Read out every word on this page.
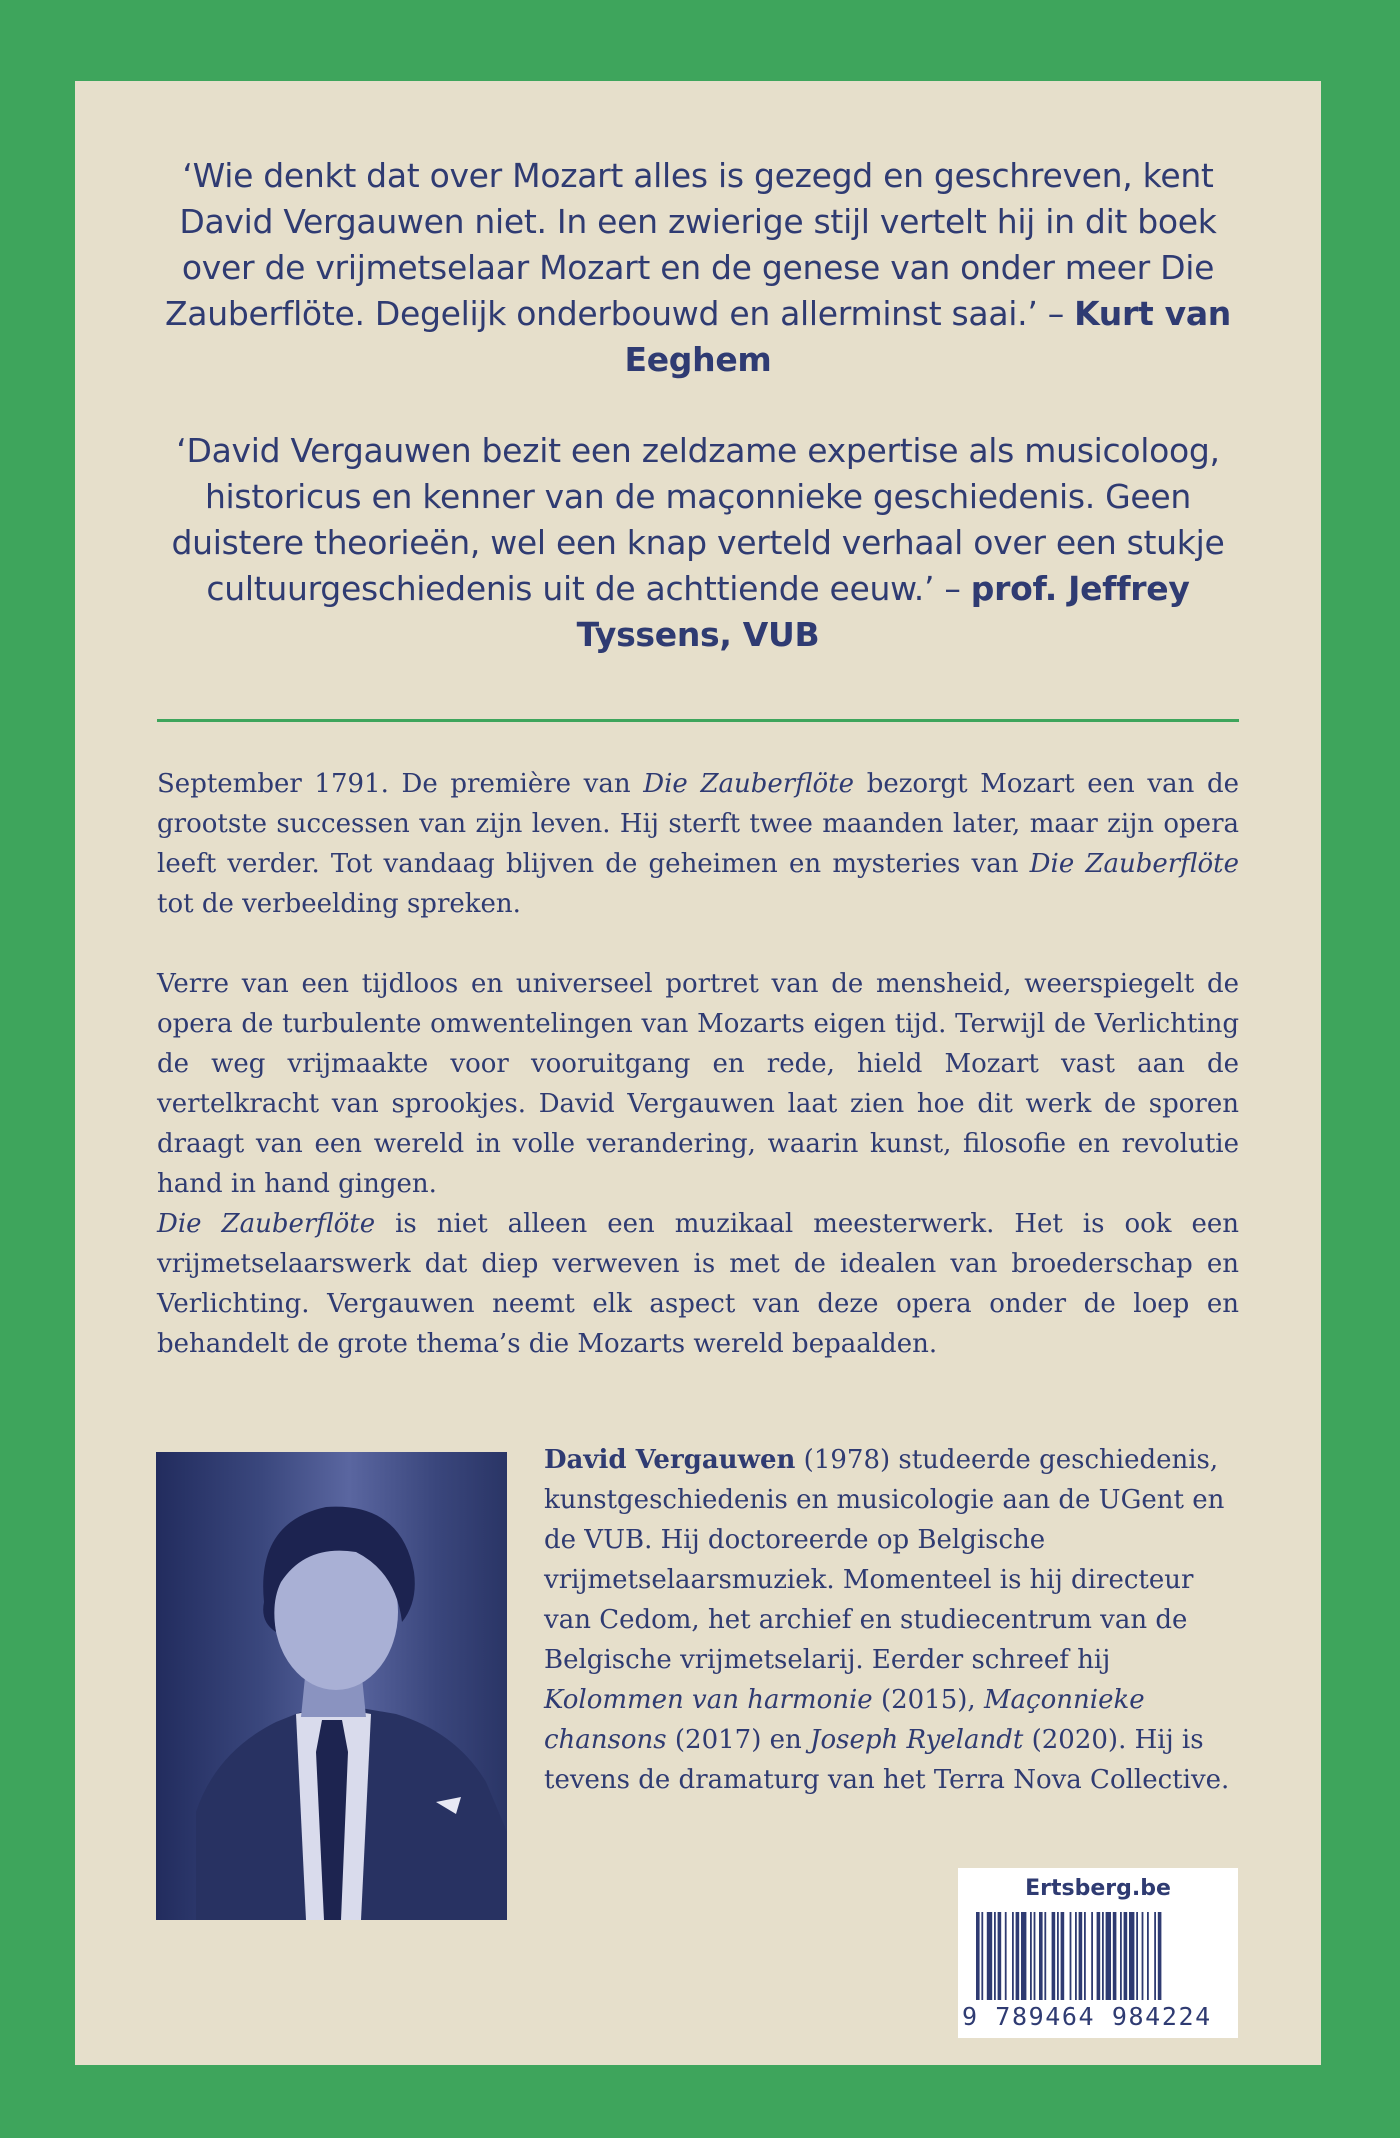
‘Wie denkt dat over Mozart alles is gezegd en geschreven, kent David Vergauwen niet. In een zwierige stijl vertelt hij in dit boek over de vrijmetselaar Mozart en de genese van onder meer Die Zauberflöte. Degelijk onderbouwd en allerminst saai.’ – Kurt van Eeghem
‘David Vergauwen bezit een zeldzame expertise als musicoloog, historicus en kenner van de maçonnieke geschiedenis. Geen duistere theorieën, wel een knap verteld verhaal over een stukje cultuurgeschiedenis uit de achttiende eeuw.’ – prof. Jeffrey Tyssens, VUB

September 1791. De première van Die Zauberflöte bezorgt Mozart een van de grootste successen van zijn leven. Hij sterft twee maanden later, maar zijn opera leeft verder. Tot vandaag blijven de geheimen en mysteries van Die Zauberflöte tot de verbeelding spreken.

Verre van een tijdloos en universeel portret van de mensheid, weerspiegelt de opera de turbulente omwentelingen van Mozarts eigen tijd. Terwijl de Verlichting de weg vrijmaakte voor vooruitgang en rede, hield Mozart vast aan de vertelkracht van sprookjes. David Vergauwen laat zien hoe dit werk de sporen draagt van een wereld in volle verandering, waarin kunst, filosofie en revolutie hand in hand gingen.

Die Zauberflöte is niet alleen een muzikaal meesterwerk. Het is ook een vrijmetselaarswerk dat diep verweven is met de idealen van broederschap en Verlichting. Vergauwen neemt elk aspect van deze opera onder de loep en behandelt de grote thema’s die Mozarts wereld bepaalden.

David Vergauwen (1978) studeerde geschiedenis, kunstgeschiedenis en musicologie aan de UGent en de VUB. Hij doctoreerde op Belgische vrijmetselaarsmuziek. Momenteel is hij directeur van Cedom, het archief en studiecentrum van de Belgische vrijmetselarij. Eerder schreef hij Kolommen van harmonie (2015), Maçonnieke chansons (2017) en Joseph Ryelandt (2020). Hij is tevens de dramaturg van het Terra Nova Collective.

Ertsberg.be
9 789464 984224
